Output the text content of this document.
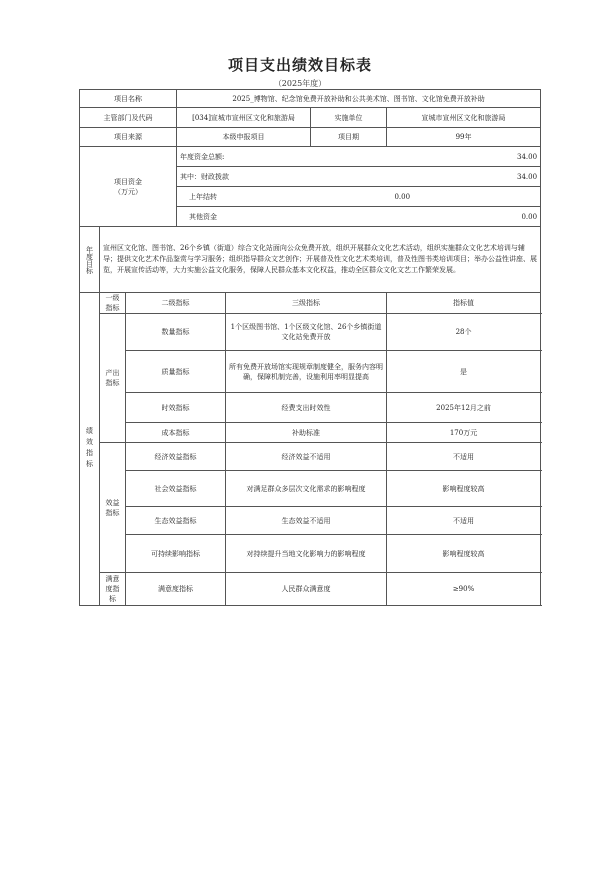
项目支出绩效目标表
（2025年度）
项目名称	2025_博物馆、纪念馆免费开放补助和公共美术馆、图书馆、文化馆免费开放补助
主管部门及代码	[034]宣城市宣州区文化和旅游局	实施单位	宣城市宣州区文化和旅游局
项目来源	本级申报项目	项目期	99年
项目资金
（万元）	
年度资金总额:	34.00
其中：财政拨款	34.00
上年结转	0.00
其他资金	0.00

年度目标	宣州区文化馆、图书馆、26个乡镇（街道）综合文化站面向公众免费开放，组织开展群众文化艺术活动，组织实施群众文化艺术培训与辅导；提供文化艺术作品鉴赏与学习服务；组织指导群众文艺创作；开展普及性文化艺术类培训，普及性图书类培训项目；举办公益性讲座、展览，开展宣传活动等，大力实施公益文化服务，保障人民群众基本文化权益，推动全区群众文化文艺工作繁荣发展。

绩效指标
	一级指标	二级指标	三级指标	指标值
产出指标	数量指标	1个区级图书馆、1个区级文化馆、26个乡镇街道文化站免费开放	28个
质量指标	所有免费开放场馆实现规章制度健全，服务内容明确，保障机制完善，设施利用率明显提高	是
时效指标	经费支出时效性	2025年12月之前
成本指标	补助标准	170万元
效益指标	经济效益指标	经济效益不适用	不适用
社会效益指标	对满足群众多层次文化需求的影响程度	影响程度较高
生态效益指标	生态效益不适用	不适用
可持续影响指标	对持续提升当地文化影响力的影响程度	影响程度较高
满意度指标	满意度指标	人民群众满意度	≥90%
